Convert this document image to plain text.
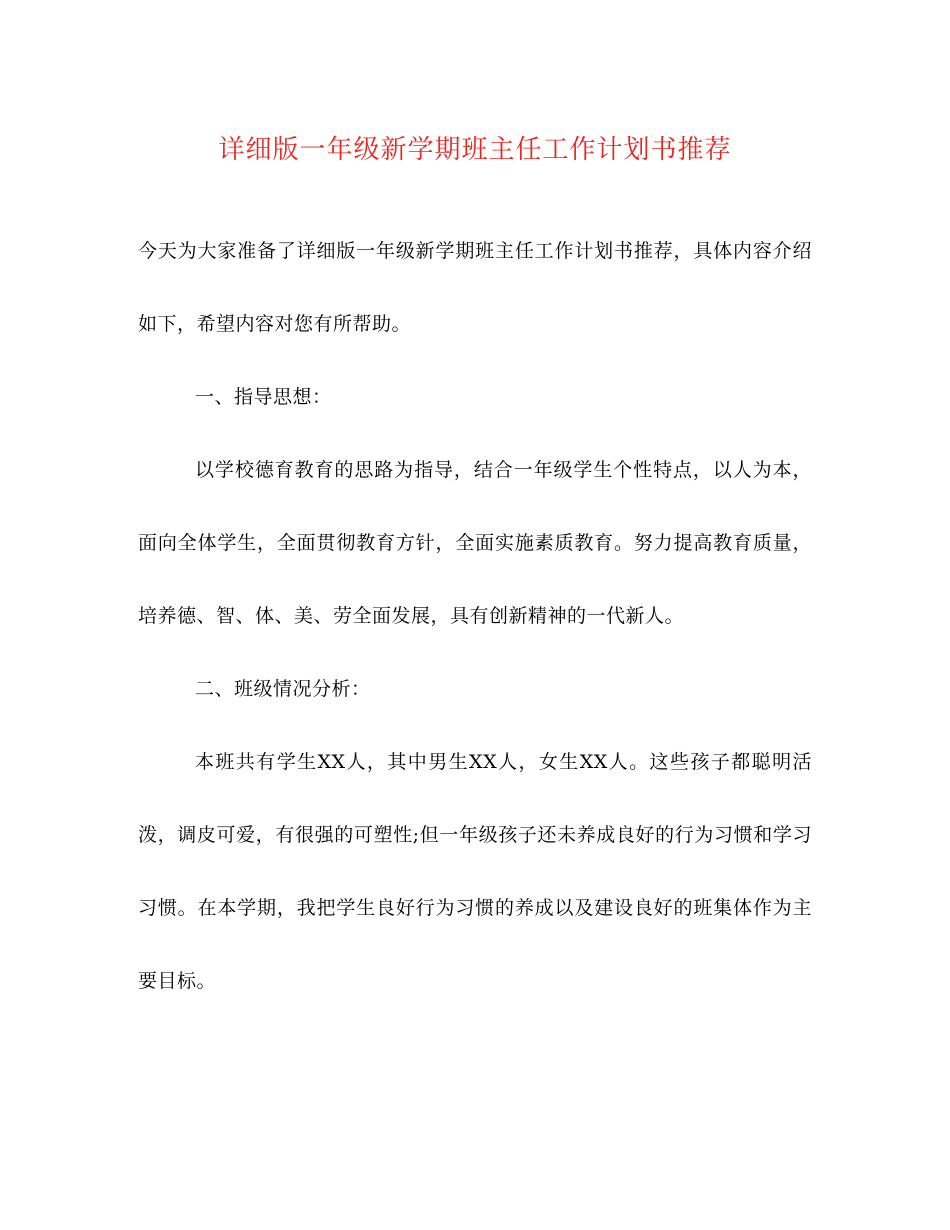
详细版一年级新学期班主任工作计划书推荐

今天为大家准备了详细版一年级新学期班主任工作计划书推荐，具体内容介绍如下，希望内容对您有所帮助。

一、指导思想：

以学校德育教育的思路为指导，结合一年级学生个性特点，以人为本，面向全体学生，全面贯彻教育方针，全面实施素质教育。努力提高教育质量，培养德、智、体、美、劳全面发展，具有创新精神的一代新人。

二、班级情况分析：

本班共有学生XX人，其中男生XX人，女生XX人。这些孩子都聪明活泼，调皮可爱，有很强的可塑性;但一年级孩子还未养成良好的行为习惯和学习习惯。在本学期，我把学生良好行为习惯的养成以及建设良好的班集体作为主要目标。
